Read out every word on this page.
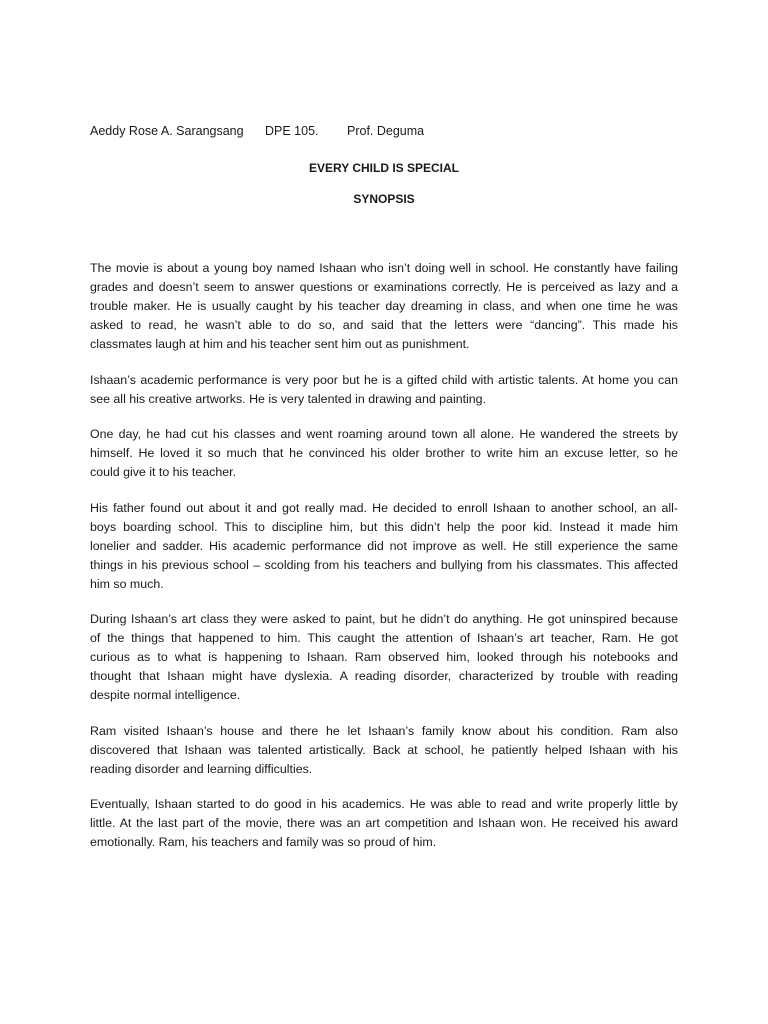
Aeddy Rose A. Sarangsang DPE 105. Prof. Deguma
EVERY CHILD IS SPECIAL
SYNOPSIS
The movie is about a young boy named Ishaan who isn’t doing well in school. He constantly have failing
grades and doesn’t seem to answer questions or examinations correctly. He is perceived as lazy and a
trouble maker. He is usually caught by his teacher day dreaming in class, and when one time he was
asked to read, he wasn’t able to do so, and said that the letters were “dancing”. This made his
classmates laugh at him and his teacher sent him out as punishment.
Ishaan’s academic performance is very poor but he is a gifted child with artistic talents. At home you can
see all his creative artworks. He is very talented in drawing and painting.
One day, he had cut his classes and went roaming around town all alone. He wandered the streets by
himself. He loved it so much that he convinced his older brother to write him an excuse letter, so he
could give it to his teacher.
His father found out about it and got really mad. He decided to enroll Ishaan to another school, an all-
boys boarding school. This to discipline him, but this didn’t help the poor kid. Instead it made him
lonelier and sadder. His academic performance did not improve as well. He still experience the same
things in his previous school – scolding from his teachers and bullying from his classmates. This affected
him so much.
During Ishaan’s art class they were asked to paint, but he didn’t do anything. He got uninspired because
of the things that happened to him. This caught the attention of Ishaan’s art teacher, Ram. He got
curious as to what is happening to Ishaan. Ram observed him, looked through his notebooks and
thought that Ishaan might have dyslexia. A reading disorder, characterized by trouble with reading
despite normal intelligence.
Ram visited Ishaan’s house and there he let Ishaan’s family know about his condition. Ram also
discovered that Ishaan was talented artistically. Back at school, he patiently helped Ishaan with his
reading disorder and learning difficulties.
Eventually, Ishaan started to do good in his academics. He was able to read and write properly little by
little. At the last part of the movie, there was an art competition and Ishaan won. He received his award
emotionally. Ram, his teachers and family was so proud of him.
